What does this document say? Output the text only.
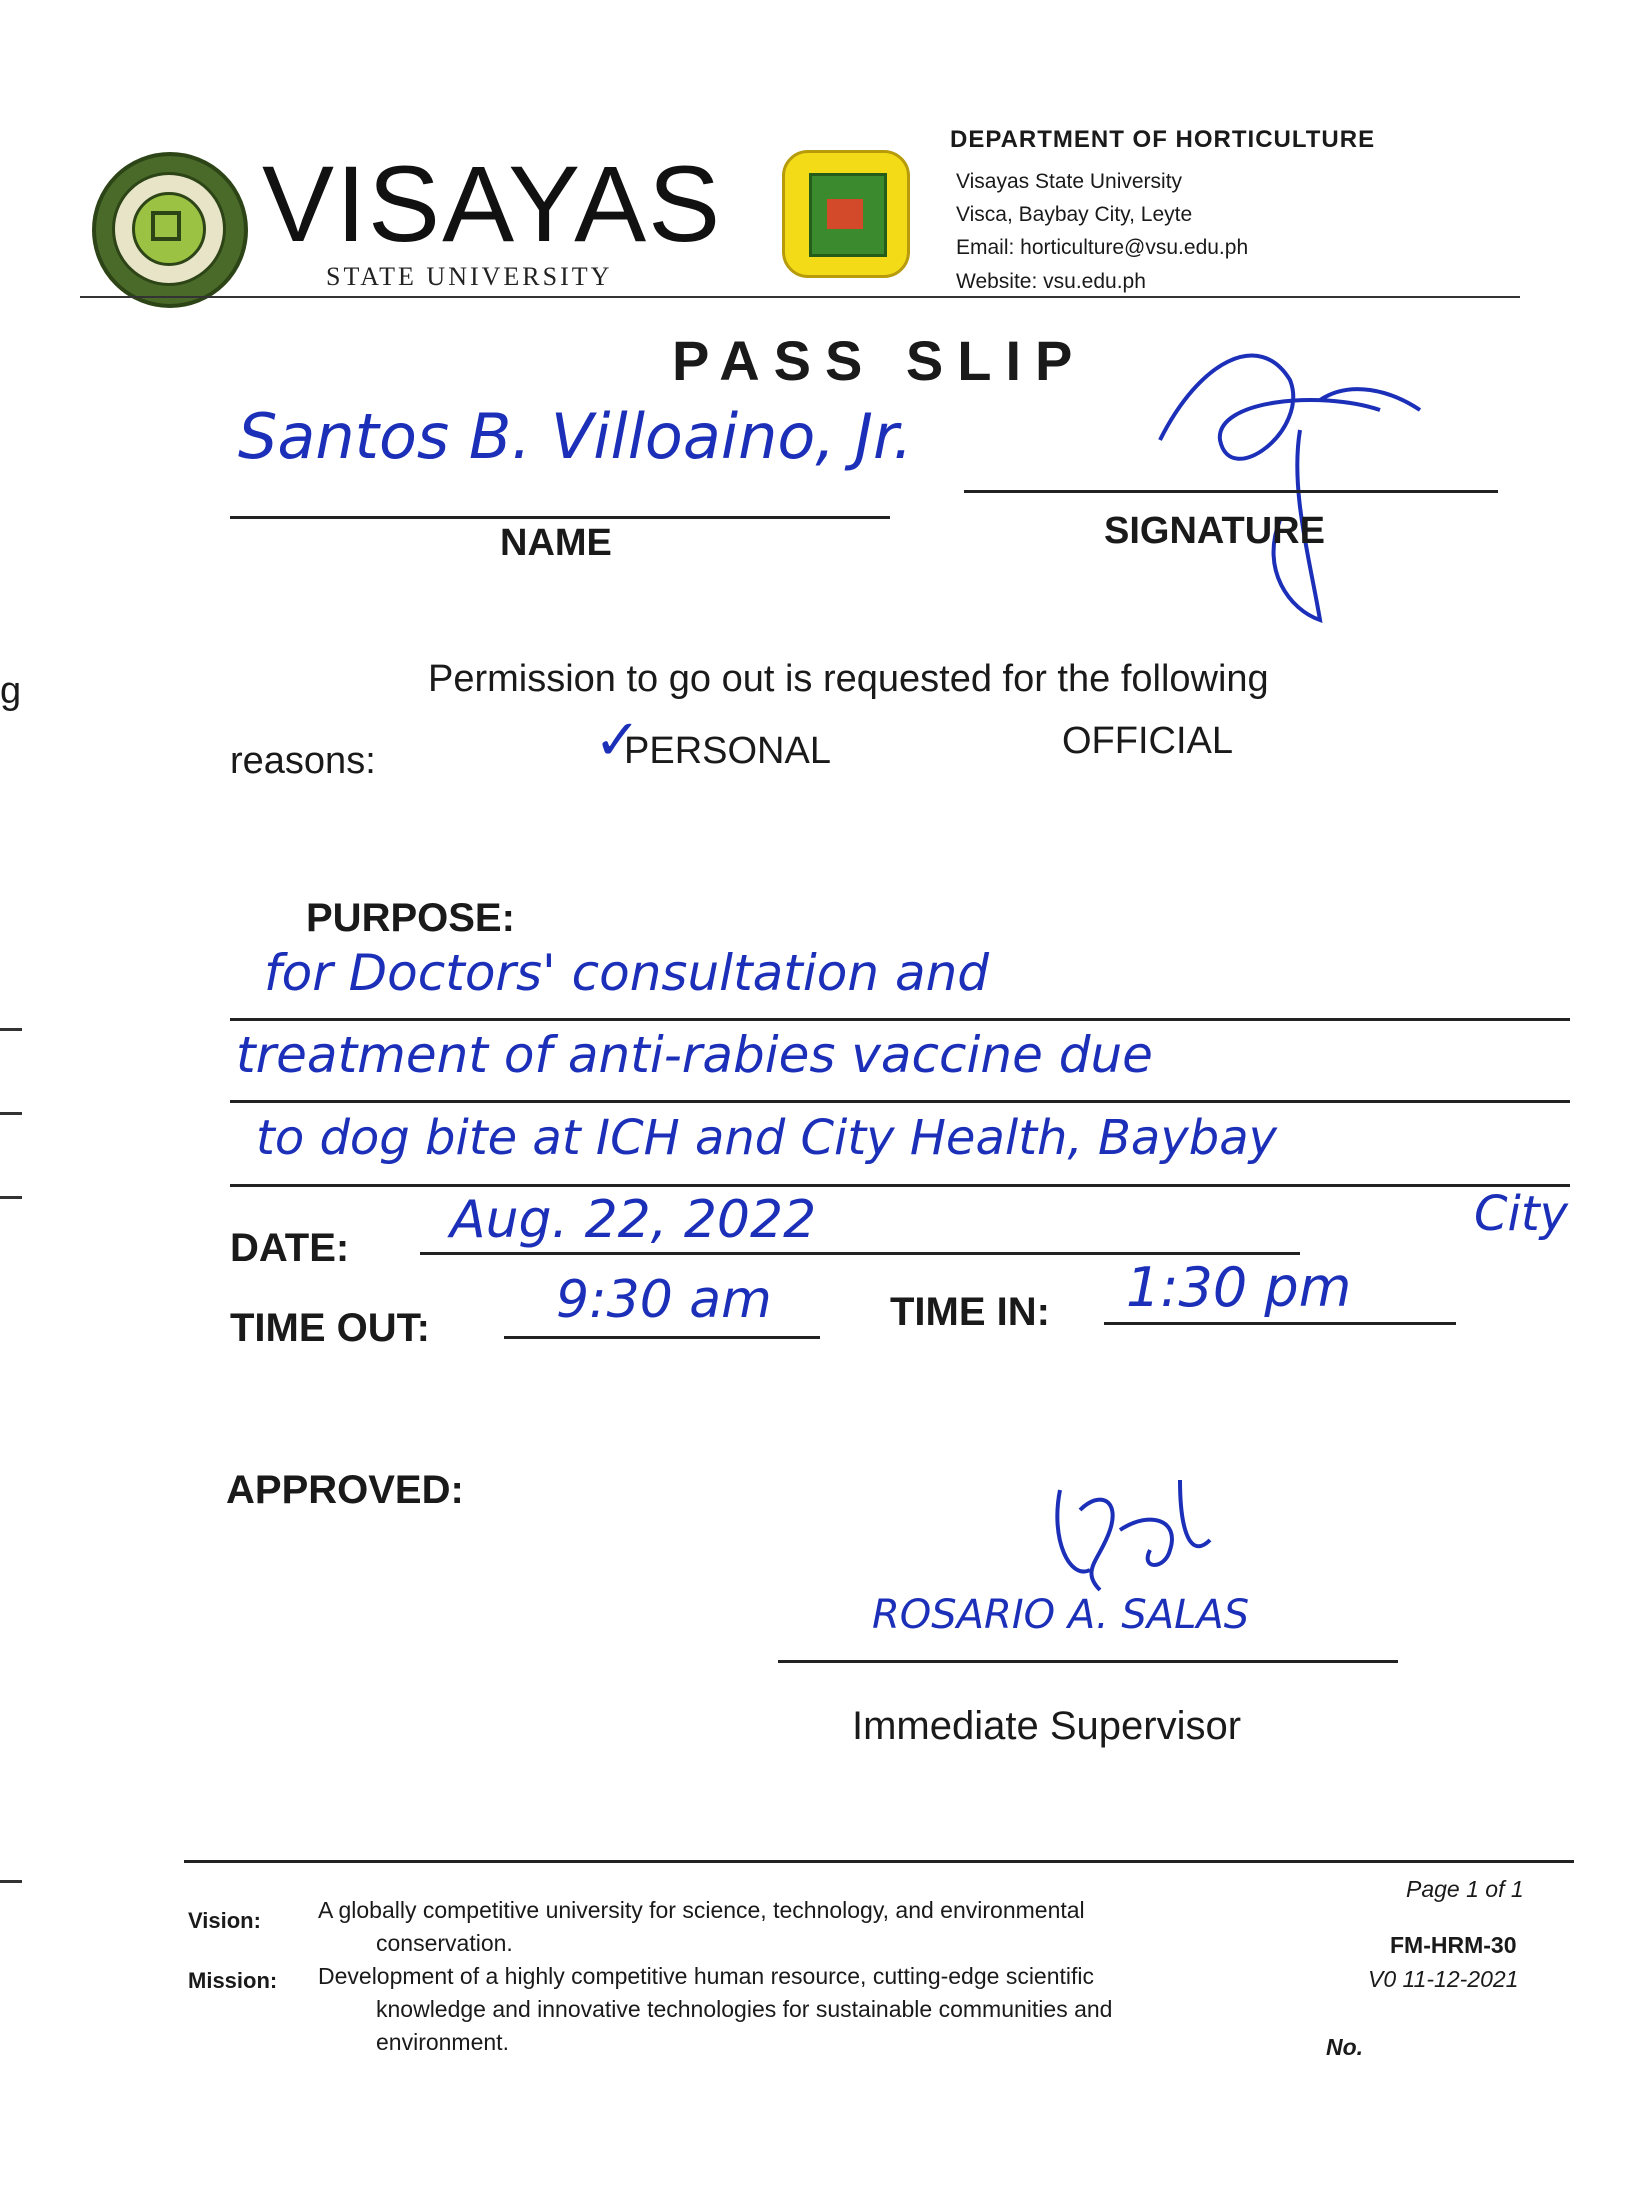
g
VISAYAS
STATE UNIVERSITY
DEPARTMENT OF HORTICULTURE
Visayas State University
Visca, Baybay City, Leyte
Email: horticulture@vsu.edu.ph
Website: vsu.edu.ph
PASS SLIP
Santos B. Villoaino, Jr.
NAME	SIGNATURE
Permission to go out is requested for the following
reasons:	✓
PERSONAL	OFFICIAL
PURPOSE:
for Doctors' consultation and
treatment of anti-rabies vaccine due
to dog bite at ICH and City Health, Baybay
City
DATE: Aug. 22, 2022
TIME OUT: 9:30 am	TIME IN: 1:30 pm
APPROVED:
ROSARIO A. SALAS
Immediate Supervisor
Vision: A globally competitive university for science, technology, and environmental
conservation.
Mission: Development of a highly competitive human resource, cutting-edge scientific
knowledge and innovative technologies for sustainable communities and
environment.
Page 1 of 1
FM-HRM-30
V0 11-12-2021
No.
